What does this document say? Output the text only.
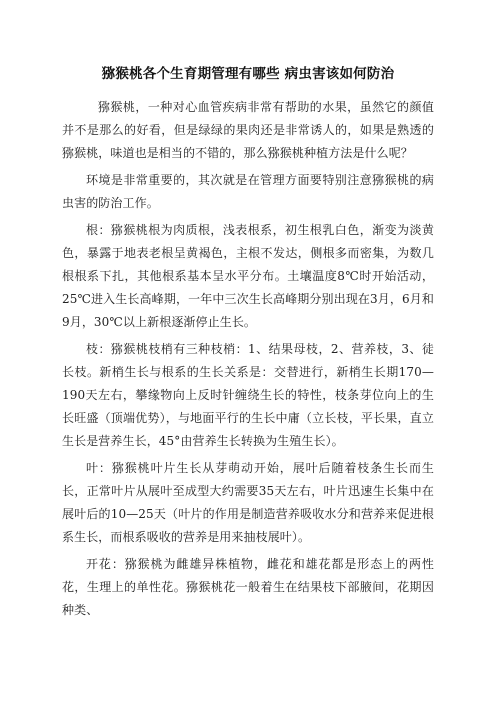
猕猴桃各个生育期管理有哪些 病虫害该如何防治

猕猴桃，一种对心血管疾病非常有帮助的水果，虽然它的颜值并不是那么的好看，但是绿绿的果肉还是非常诱人的，如果是熟透的猕猴桃，味道也是相当的不错的，那么猕猴桃种植方法是什么呢？

环境是非常重要的，其次就是在管理方面要特别注意猕猴桃的病虫害的防治工作。

根：猕猴桃根为肉质根，浅表根系，初生根乳白色，渐变为淡黄色，暴露于地表老根呈黄褐色，主根不发达，侧根多而密集，为数几根根系下扎，其他根系基本呈水平分布。土壤温度8℃时开始活动，25℃进入生长高峰期，一年中三次生长高峰期分别出现在3月，6月和9月，30℃以上新根逐渐停止生长。

枝：猕猴桃枝梢有三种枝梢：1、结果母枝，2、营养枝，3、徒长枝。新梢生长与根系的生长关系是：交替进行，新梢生长期170—190天左右，攀缘物向上反时针缠绕生长的特性，枝条芽位向上的生长旺盛（顶端优势），与地面平行的生长中庸（立长枝，平长果，直立生长是营养生长，45°由营养生长转换为生殖生长）。

叶：猕猴桃叶片生长从芽萌动开始，展叶后随着枝条生长而生长，正常叶片从展叶至成型大约需要35天左右，叶片迅速生长集中在展叶后的10—25天（叶片的作用是制造营养吸收水分和营养来促进根系生长，而根系吸收的营养是用来抽枝展叶）。

开花：猕猴桃为雌雄异株植物，雌花和雄花都是形态上的两性花，生理上的单性花。猕猴桃花一般着生在结果枝下部腋间，花期因种类、
